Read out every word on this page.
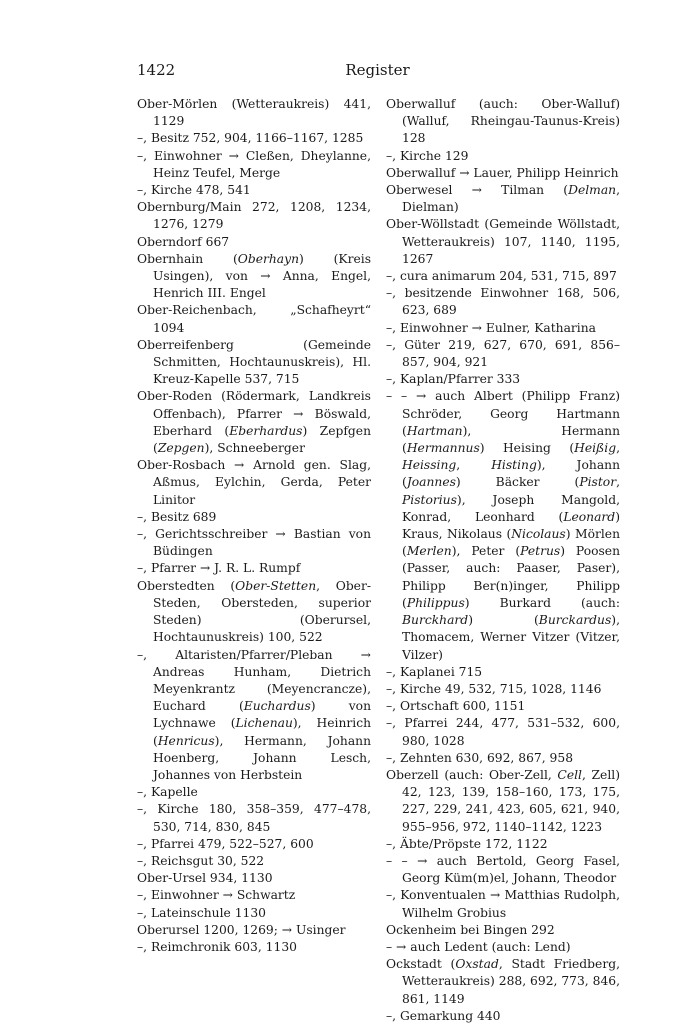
1422	Register
Ober-Mörlen (Wetteraukreis) 441, 1129
–, Besitz 752, 904, 1166–1167, 1285
–, Einwohner → Cleßen, Dheylanne, Heinz Teufel, Merge
–, Kirche 478, 541
Obernburg/Main 272, 1208, 1234, 1276, 1279
Oberndorf 667
Obernhain (Oberhayn) (Kreis Usingen), von → Anna, Engel, Henrich III. Engel
Ober-Reichenbach, „Schafheyrt“ 1094
Oberreifenberg (Gemeinde Schmitten, Hochtaunuskreis), Hl. Kreuz-Kapelle 537, 715
Ober-Roden (Rödermark, Landkreis Offenbach), Pfarrer → Böswald, Eberhard (Eberhardus) Zepfgen (Zepgen), Schneeberger
Ober-Rosbach → Arnold gen. Slag, Aßmus, Eylchin, Gerda, Peter Linitor
–, Besitz 689
–, Gerichtsschreiber → Bastian von Büdingen
–, Pfarrer → J. R. L. Rumpf
Oberstedten (Ober-Stetten, Ober-Steden, Obersteden, superior Steden) (Oberursel, Hochtaunuskreis) 100, 522
–, Altaristen/Pfarrer/Pleban → Andreas Hunham, Dietrich Meyenkrantz (Meyencrancze), Euchard (Euchardus) von Lychnawe (Lichenau), Heinrich (Henricus), Hermann, Johann Hoenberg, Johann Lesch, Johannes von Herbstein
–, Kapelle
–, Kirche 180, 358–359, 477–478, 530, 714, 830, 845
–, Pfarrei 479, 522–527, 600
–, Reichsgut 30, 522
Ober-Ursel 934, 1130
–, Einwohner → Schwartz
–, Lateinschule 1130
Oberursel 1200, 1269; → Usinger
–, Reimchronik 603, 1130
Oberwalluf (auch: Ober-Walluf) (Walluf, Rheingau-Taunus-Kreis) 128
–, Kirche 129
Oberwalluf → Lauer, Philipp Heinrich
Oberwesel → Tilman (Delman, Dielman)
Ober-Wöllstadt (Gemeinde Wöllstadt, Wetteraukreis) 107, 1140, 1195, 1267
–, cura animarum 204, 531, 715, 897
–, besitzende Einwohner 168, 506, 623, 689
–, Einwohner → Eulner, Katharina
–, Güter 219, 627, 670, 691, 856–857, 904, 921
–, Kaplan/Pfarrer 333
– – → auch Albert (Philipp Franz) Schröder, Georg Hartmann (Hartman), Hermann (Hermannus) Heising (Heißig, Heissing, Histing), Johann (Joannes) Bäcker (Pistor, Pistorius), Joseph Mangold, Konrad, Leonhard (Leonard) Kraus, Nikolaus (Nicolaus) Mörlen (Merlen), Peter (Petrus) Poosen (Passer, auch: Paaser, Paser), Philipp Ber(n)inger, Philipp (Philippus) Burkard (auch: Burckhard) (Burckardus), Thomacem, Werner Vitzer (Vitzer, Vilzer)
–, Kaplanei 715
–, Kirche 49, 532, 715, 1028, 1146
–, Ortschaft 600, 1151
–, Pfarrei 244, 477, 531–532, 600, 980, 1028
–, Zehnten 630, 692, 867, 958
Oberzell (auch: Ober-Zell, Cell, Zell) 42, 123, 139, 158–160, 173, 175, 227, 229, 241, 423, 605, 621, 940, 955–956, 972, 1140–1142, 1223
–, Äbte/Pröpste 172, 1122
– – → auch Bertold, Georg Fasel, Georg Küm(m)el, Johann, Theodor
–, Konventualen → Matthias Rudolph, Wilhelm Grobius
Ockenheim bei Bingen 292
– → auch Ledent (auch: Lend)
Ockstadt (Oxstad, Stadt Friedberg, Wetteraukreis) 288, 692, 773, 846, 861, 1149
–, Gemarkung 440
